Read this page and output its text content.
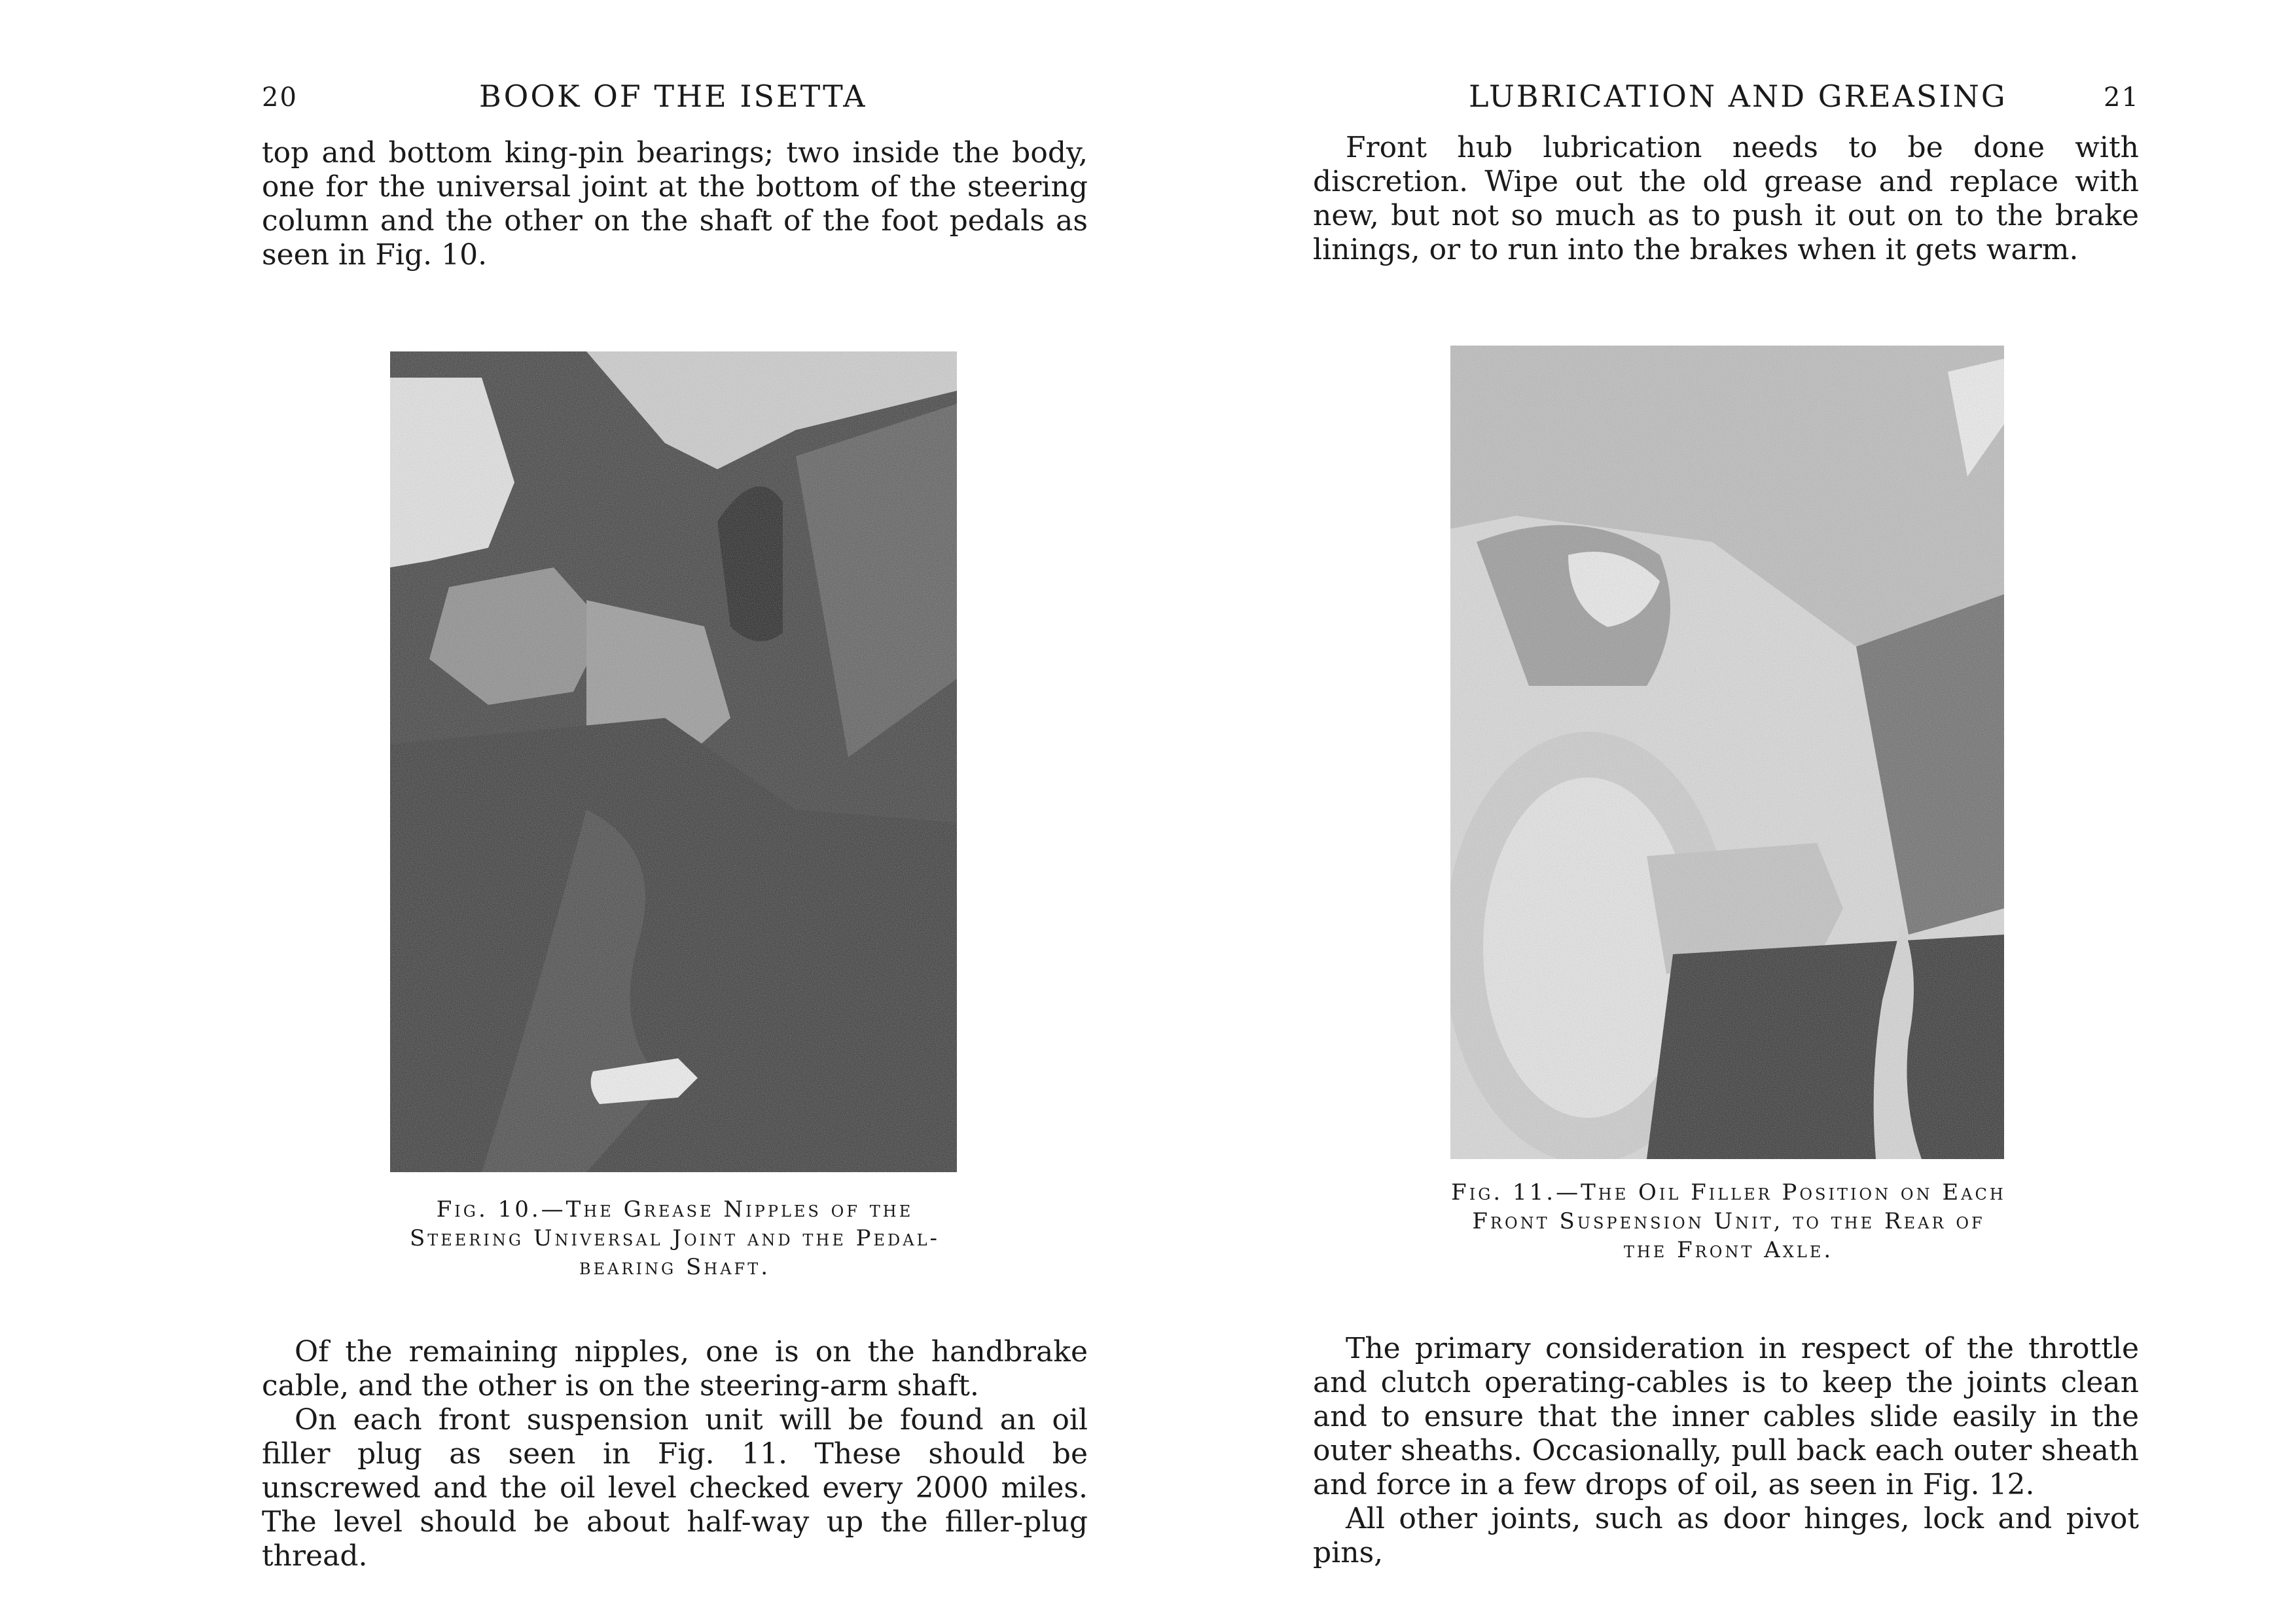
20	BOOK OF THE ISETTA

top and bottom king-pin bearings; two inside the body, one for the universal joint at the bottom of the steering column and the other on the shaft of the foot pedals as seen in Fig. 10.

Fig. 10.—The Grease Nipples of the Steering Universal Joint and the Pedal-bearing Shaft.

Of the remaining nipples, one is on the handbrake cable, and the other is on the steering-arm shaft.

On each front suspension unit will be found an oil filler plug as seen in Fig. 11. These should be unscrewed and the oil level checked every 2000 miles. The level should be about half-way up the filler-plug thread.

LUBRICATION AND GREASING	21

Front hub lubrication needs to be done with discretion. Wipe out the old grease and replace with new, but not so much as to push it out on to the brake linings, or to run into the brakes when it gets warm.

Fig. 11.—The Oil Filler Position on Each Front Suspension Unit, to the Rear of the Front Axle.

The primary consideration in respect of the throttle and clutch operating-cables is to keep the joints clean and to ensure that the inner cables slide easily in the outer sheaths. Occasionally, pull back each outer sheath and force in a few drops of oil, as seen in Fig. 12.

All other joints, such as door hinges, lock and pivot pins,
